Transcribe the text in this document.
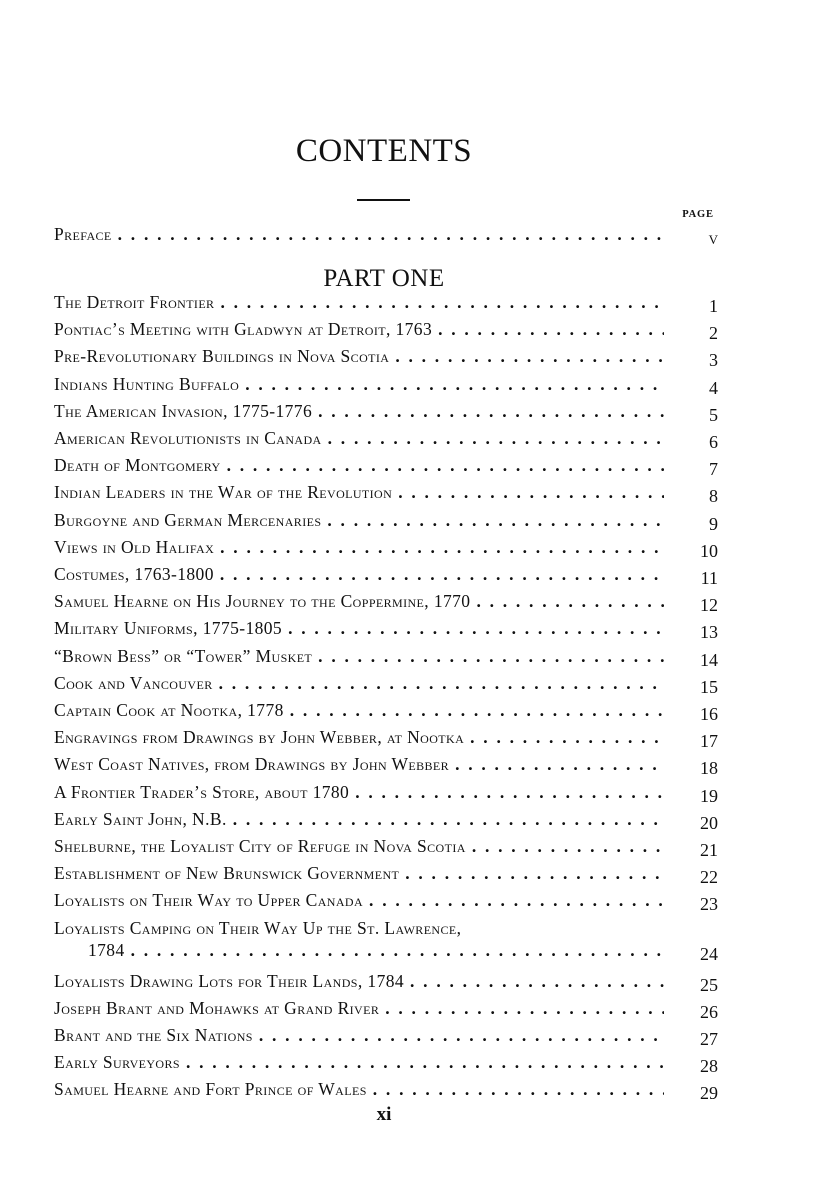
CONTENTS
PAGE
Preface . . .	v
PART ONE
The Detroit Frontier . . .	1
Pontiac’s Meeting with Gladwyn at Detroit, 1763 . . .	2
Pre-Revolutionary Buildings in Nova Scotia . . .	3
Indians Hunting Buffalo . . .	4
The American Invasion, 1775-1776 . . .	5
American Revolutionists in Canada . . .	6
Death of Montgomery . . .	7
Indian Leaders in the War of the Revolution . . .	8
Burgoyne and German Mercenaries . . .	9
Views in Old Halifax . . .	10
Costumes, 1763-1800 . . .	11
Samuel Hearne on His Journey to the Coppermine, 1770 . . .	12
Military Uniforms, 1775-1805 . . .	13
“Brown Bess” or “Tower” Musket . . .	14
Cook and Vancouver . . .	15
Captain Cook at Nootka, 1778 . . .	16
Engravings from Drawings by John Webber, at Nootka . . .	17
West Coast Natives, from Drawings by John Webber . . .	18
A Frontier Trader’s Store, about 1780 . . .	19
Early Saint John, N.B. . . .	20
Shelburne, the Loyalist City of Refuge in Nova Scotia . . .	21
Establishment of New Brunswick Government . . .	22
Loyalists on Their Way to Upper Canada . . .	23
Loyalists Camping on Their Way Up the St. Lawrence,
1784 . . .	24
Loyalists Drawing Lots for Their Lands, 1784 . . .	25
Joseph Brant and Mohawks at Grand River . . .	26
Brant and the Six Nations . . .	27
Early Surveyors . . .	28
Samuel Hearne and Fort Prince of Wales . . .	29
xi
